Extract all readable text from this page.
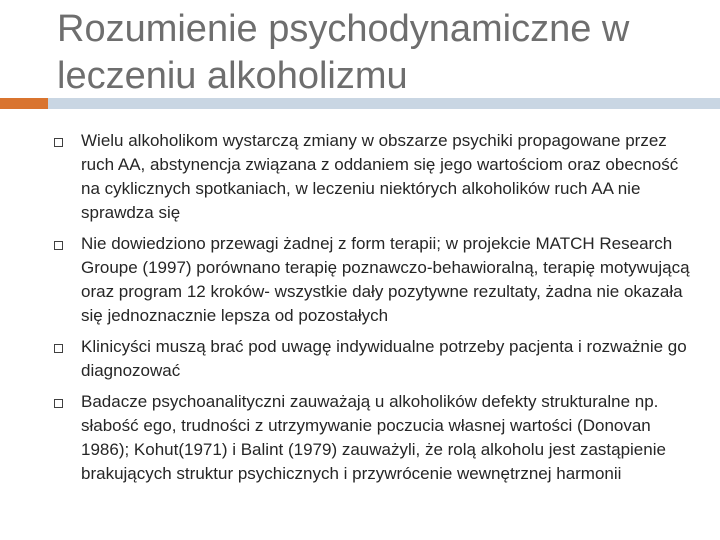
Rozumienie psychodynamiczne w leczeniu alkoholizmu
Wielu alkoholikom wystarczą zmiany w obszarze psychiki propagowane przez ruch AA, abstynencja związana z oddaniem się jego wartościom oraz obecność na cyklicznych spotkaniach, w leczeniu niektórych alkoholików ruch AA nie sprawdza się
Nie dowiedziono przewagi żadnej z form terapii; w projekcie MATCH Research Groupe (1997) porównano terapię poznawczo-behawioralną, terapię motywującą oraz program 12 kroków- wszystkie dały pozytywne rezultaty, żadna nie okazała się jednoznacznie lepsza od pozostałych
Klinicyści muszą brać pod uwagę indywidualne potrzeby pacjenta i rozważnie go diagnozować
Badacze psychoanalityczni zauważają u alkoholików defekty strukturalne np. słabość ego, trudności z utrzymywanie poczucia własnej wartości (Donovan 1986); Kohut(1971) i Balint (1979) zauważyli, że rolą alkoholu jest zastąpienie brakujących struktur psychicznych i przywrócenie wewnętrznej harmonii
